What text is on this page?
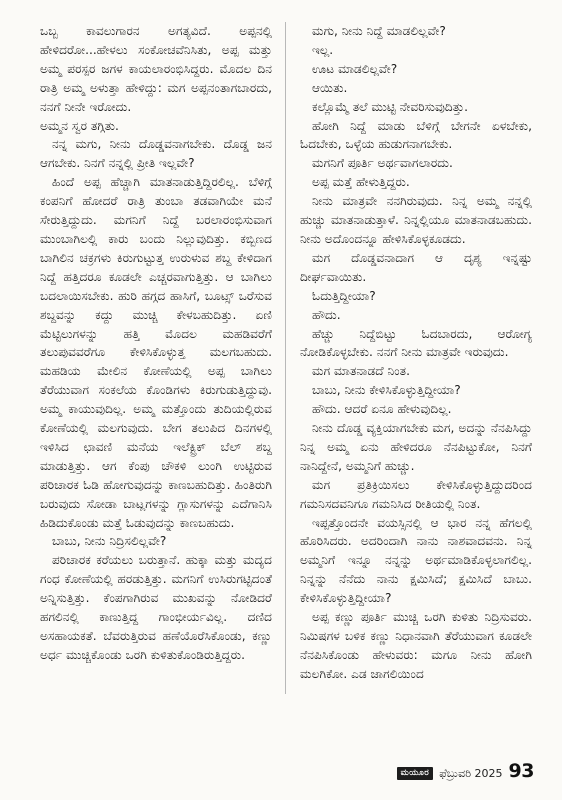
ಒಬ್ಬ ಕಾವಲುಗಾರನ ಅಗತ್ಯವಿದೆ. ಅಪ್ಪನಲ್ಲಿ ಹೇಳಿದರೋ...ಹೇಳಲು ಸಂಕೋಚವೆನಿಸಿತು, ಅಪ್ಪ ಮತ್ತು ಅಮ್ಮ ಪರಸ್ಪರ ಜಗಳ ಕಾಯಲಾರಂಭಿಸಿದ್ದರು. ಮೊದಲ ದಿನ ರಾತ್ರಿ ಅಮ್ಮ ಅಳುತ್ತಾ ಹೇಳಿದ್ದು: ಮಗ ಅಪ್ಪನಂತಾಗಬಾರದು, ನನಗೆ ನೀನೇ ಇರೋದು.

ಅಮ್ಮನ ಸ್ವರ ತಗ್ಗಿತು.

ನನ್ನ ಮಗು, ನೀನು ದೊಡ್ಡವನಾಗಬೇಕು. ದೊಡ್ಡ ಜನ ಆಗಬೇಕು. ನಿನಗೆ ನನ್ನಲ್ಲಿ ಪ್ರೀತಿ ಇಲ್ಲವೇ?

ಹಿಂದೆ ಅಪ್ಪ ಹೆಚ್ಚಾಗಿ ಮಾತನಾಡುತ್ತಿದ್ದಿರಲಿಲ್ಲ. ಬೆಳಿಗ್ಗೆ ಕಂಪನಿಗೆ ಹೋದರೆ ರಾತ್ರಿ ತುಂಬಾ ತಡವಾಗಿಯೇ ಮನೆ ಸೇರುತ್ತಿದ್ದುದು. ಮಗನಿಗೆ ನಿದ್ದೆ ಬರಲಾರಂಭಿಸುವಾಗ ಮುಂಬಾಗಿಲಲ್ಲಿ ಕಾರು ಬಂದು ನಿಲ್ಲುವುದಿತ್ತು. ಕಬ್ಬಿಣದ ಬಾಗಿಲಿನ ಚಕ್ರಗಳು ಕಿರುಗುಟ್ಟುತ್ತ ಉರುಳುವ ಶಬ್ದ ಕೇಳಿದಾಗ ನಿದ್ದೆ ಹತ್ತಿದರೂ ಕೂಡಲೇ ಎಚ್ಚರವಾಗುತ್ತಿತ್ತು. ಆ ಬಾಗಿಲು ಬದಲಾಯಿಸಬೇಕು. ಹುರಿ ಹಗ್ಗದ ಹಾಸಿಗೆ, ಬೂಟ್ಸ್ ಒರೆಸುವ ಶಬ್ದವನ್ನು ಕದ್ದು ಮುಚ್ಚಿ ಕೇಳಬಹುದಿತ್ತು. ಏಣಿ ಮೆಟ್ಟಿಲುಗಳನ್ನು ಹತ್ತಿ ಮೊದಲ ಮಹಡಿವರೆಗೆ ತಲುಪುವವರೆಗೂ ಕೇಳಿಸಿಕೊಳ್ಳುತ್ತ ಮಲಗಬಹುದು. ಮಹಡಿಯ ಮೇಲಿನ ಕೋಣೆಯಲ್ಲಿ ಅಪ್ಪ ಬಾಗಿಲು ತೆರೆಯುವಾಗ ಸಂಕಲೆಯ ಕೊಂಡಿಗಳು ಕಿರುಗುಡುತ್ತಿದ್ದುವು. ಅಮ್ಮ ಕಾಯುವುದಿಲ್ಲ. ಅಮ್ಮ ಮತ್ತೊಂದು ತುದಿಯಲ್ಲಿರುವ ಕೋಣೆಯಲ್ಲಿ ಮಲಗುವುದು. ಬೇಗ ತಲುಪಿದ ದಿನಗಳಲ್ಲಿ ಇಳಿಸಿದ ಛಾವಣಿ ಮನೆಯ ಇಲೆಕ್ಟ್ರಿಕ್ ಬೆಲ್ ಶಬ್ದ ಮಾಡುತ್ತಿತ್ತು. ಆಗ ಕೆಂಪು ಚೌಕಳಿ ಲುಂಗಿ ಉಟ್ಟಿರುವ ಪರಿಚಾರಕ ಓಡಿ ಹೋಗುವುದನ್ನು ಕಾಣಬಹುದಿತ್ತು. ಹಿಂತಿರುಗಿ ಬರುವುದು ಸೋಡಾ ಬಾಟ್ಲಗಳನ್ನು ಗ್ಲಾಸುಗಳನ್ನು ಎದೆಗಾನಿಸಿ ಹಿಡಿದುಕೊಂಡು ಮತ್ತೆ ಓಡುವುದನ್ನು ಕಾಣಬಹುದು.

ಬಾಬು, ನೀನು ನಿದ್ರಿಸಲಿಲ್ಲವೇ?

ಪರಿಚಾರಕ ಕರೆಯಲು ಬರುತ್ತಾನೆ. ಹುಕ್ಕಾ ಮತ್ತು ಮದ್ಯದ ಗಂಧ ಕೋಣೆಯಲ್ಲಿ ಹರಡುತ್ತಿತ್ತು. ಮಗನಿಗೆ ಉಸಿರುಗಟ್ಟಿದಂತೆ ಅನ್ನಿಸುತ್ತಿತ್ತು. ಕೆಂಪಗಾಗಿರುವ ಮುಖವನ್ನು ನೋಡಿದರೆ ಹಗಲಿನಲ್ಲಿ ಕಾಣುತ್ತಿದ್ದ ಗಾಂಭೀರ್ಯವಿಲ್ಲ. ದಣಿದ ಅಸಹಾಯಕತೆ. ಬೆವರುತ್ತಿರುವ ಹಣೆಯೊರೆಸಿಕೊಂಡು, ಕಣ್ಣು ಅರ್ಧ ಮುಚ್ಚಿಕೊಂಡು ಒರಗಿ ಕುಳಿತುಕೊಂಡಿರುತ್ತಿದ್ದರು.

ಮಗು, ನೀನು ನಿದ್ದೆ ಮಾಡಲಿಲ್ಲವೇ?

ಇಲ್ಲ.

ಊಟ ಮಾಡಲಿಲ್ಲವೇ?

ಆಯಿತು.

ಕಲ್ಲೊಮ್ಮೆ ತಲೆ ಮುಟ್ಟಿ ನೇವರಿಸುವುದಿತ್ತು.

ಹೋಗಿ ನಿದ್ದೆ ಮಾಡು ಬೆಳಿಗ್ಗೆ ಬೇಗನೇ ಏಳಬೇಕು, ಓದಬೇಕು, ಒಳ್ಳೆಯ ಹುಡುಗನಾಗಬೇಕು.

ಮಗನಿಗೆ ಪೂರ್ತಿ ಅರ್ಥವಾಗಲಾರದು.

ಅಪ್ಪ ಮತ್ತೆ ಹೇಳುತ್ತಿದ್ದರು.

ನೀನು ಮಾತ್ರವೇ ನನಗಿರುವುದು. ನಿನ್ನ ಅಮ್ಮ ನನ್ನಲ್ಲಿ ಹುಚ್ಚು ಮಾತನಾಡುತ್ತಾಳೆ. ನಿನ್ನಲ್ಲಿಯೂ ಮಾತನಾಡಬಹುದು. ನೀನು ಅದೊಂದನ್ನೂ ಹೇಳಿಸಿಕೊಳ್ಳಕೂಡದು.

ಮಗ ದೊಡ್ಡವನಾದಾಗ ಆ ದೃಶ್ಯ ಇನ್ನಷ್ಟು ದೀರ್ಘವಾಯಿತು.

ಓದುತ್ತಿದ್ದೀಯಾ?

ಹೌದು.

ಹೆಚ್ಚು ನಿದ್ದೆಬಿಟ್ಟು ಓದಬಾರದು, ಆರೋಗ್ಯ ನೋಡಿಕೊಳ್ಳಬೇಕು. ನನಗೆ ನೀನು ಮಾತ್ರವೇ ಇರುವುದು.

ಮಗ ಮಾತನಾಡದೆ ನಿಂತ.

ಬಾಬು, ನೀನು ಕೇಳಿಸಿಕೊಳ್ಳುತ್ತಿದ್ದೀಯಾ?

ಹೌದು. ಆದರೆ ಏನೂ ಹೇಳುವುದಿಲ್ಲ.

ನೀನು ದೊಡ್ಡ ವ್ಯಕ್ತಿಯಾಗಬೇಕು ಮಗ, ಅದನ್ನು ನೆನಪಿಸಿದ್ದು ನಿನ್ನ ಅಮ್ಮ ಏನು ಹೇಳಿದರೂ ನೆನಪಿಟ್ಟುಕೋ, ನಿನಗೆ ನಾನಿದ್ದೇನೆ, ಅಮ್ಮನಿಗೆ ಹುಚ್ಚು.

ಮಗ ಪ್ರತಿಕ್ರಿಯಿಸಲು ಕೇಳಿಸಿಕೊಳ್ಳುತ್ತಿದ್ದುದರಿಂದ ಗಮನಿಸದವನಿಗೂ ಗಮನಿಸಿದ ರೀತಿಯಲ್ಲಿ ನಿಂತ.

ಇಪ್ಪತ್ತೊಂದನೇ ವಯಸ್ಸಿನಲ್ಲಿ ಆ ಭಾರ ನನ್ನ ಹೆಗಲಲ್ಲಿ ಹೊರಿಸಿದರು. ಅದರಿಂದಾಗಿ ನಾನು ನಾಶವಾದವನು. ನಿನ್ನ ಅಮ್ಮನಿಗೆ ಇನ್ನೂ ನನ್ನನ್ನು ಅರ್ಥಮಾಡಿಕೊಳ್ಳಲಾಗಲಿಲ್ಲ. ನಿನ್ನನ್ನು ನೆನೆದು ನಾನು ಕ್ಷಮಿಸಿದೆ; ಕ್ಷಮಿಸಿದೆ ಬಾಬು. ಕೇಳಿಸಿಕೊಳ್ಳುತ್ತಿದ್ದೀಯಾ?

ಅಪ್ಪ ಕಣ್ಣು ಪೂರ್ತಿ ಮುಚ್ಚಿ ಒರಗಿ ಕುಳಿತು ನಿದ್ರಿಸುವರು. ನಿಮಿಷಗಳ ಬಳಿಕ ಕಣ್ಣು ನಿಧಾನವಾಗಿ ತೆರೆಯುವಾಗ ಕೂಡಲೇ ನೆನಪಿಸಿಕೊಂಡು ಹೇಳುವರು: ಮಗೂ ನೀನು ಹೋಗಿ ಮಲಗಿಕೋ. ಎಡ ಜಾಗಲಿಯಿಂದ

ಮಯೂರ ಫೆಬ್ರುವರಿ 2025 93
